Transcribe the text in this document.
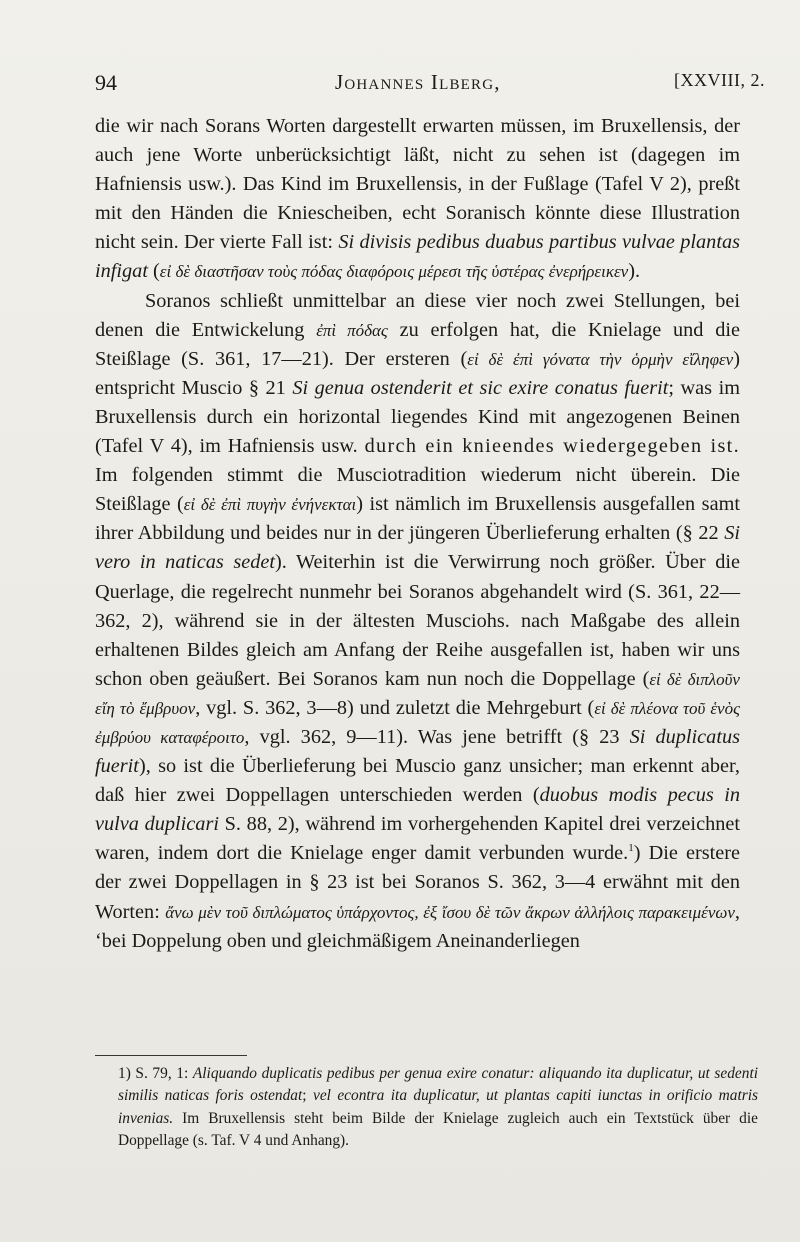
94	Johannes Ilberg,	[XXVIII, 2.

die wir nach Sorans Worten dargestellt erwarten müssen, im Bruxellensis, der auch jene Worte unberücksichtigt läßt, nicht zu sehen ist (dagegen im Hafniensis usw.). Das Kind im Bruxellensis, in der Fußlage (Tafel V 2), preßt mit den Händen die Kniescheiben, echt Soranisch könnte diese Illustration nicht sein. Der vierte Fall ist: Si divisis pedibus duabus partibus vulvae plantas infigat (εἰ δὲ διαστῆσαν τοὺς πόδας διαφόροις μέρεσι τῆς ὑστέρας ἐνερήρεικεν).

Soranos schließt unmittelbar an diese vier noch zwei Stellungen, bei denen die Entwickelung ἐπὶ πόδας zu erfolgen hat, die Knielage und die Steißlage (S. 361, 17—21). Der ersteren (εἰ δὲ ἐπὶ γόνατα τὴν ὁρμὴν εἴληφεν) entspricht Muscio § 21 Si genua ostenderit et sic exire conatus fuerit; was im Bruxellensis durch ein horizontal liegendes Kind mit angezogenen Beinen (Tafel V 4), im Hafniensis usw. durch ein knieendes wiedergegeben ist. Im folgenden stimmt die Musciotradition wiederum nicht überein. Die Steißlage (εἰ δὲ ἐπὶ πυγὴν ἐνήνεκται) ist nämlich im Bruxellensis ausgefallen samt ihrer Abbildung und beides nur in der jüngeren Überlieferung erhalten (§ 22 Si vero in naticas sedet). Weiterhin ist die Verwirrung noch größer. Über die Querlage, die regelrecht nunmehr bei Soranos abgehandelt wird (S. 361, 22—362, 2), während sie in der ältesten Musciohs. nach Maßgabe des allein erhaltenen Bildes gleich am Anfang der Reihe ausgefallen ist, haben wir uns schon oben geäußert. Bei Soranos kam nun noch die Doppellage (εἰ δὲ διπλοῦν εἴη τὸ ἔμβρυον, vgl. S. 362, 3—8) und zuletzt die Mehrgeburt (εἰ δὲ πλέονα τοῦ ἑνὸς ἐμβρύου καταφέροιτο, vgl. 362, 9—11). Was jene betrifft (§ 23 Si duplicatus fuerit), so ist die Überlieferung bei Muscio ganz unsicher; man erkennt aber, daß hier zwei Doppellagen unterschieden werden (duobus modis pecus in vulva duplicari S. 88, 2), während im vorhergehenden Kapitel drei verzeichnet waren, indem dort die Knielage enger damit verbunden wurde.$^1$) Die erstere der zwei Doppellagen in § 23 ist bei Soranos S. 362, 3—4 erwähnt mit den Worten: ἄνω μὲν τοῦ διπλώματος ὑπάρχοντος, ἐξ ἴσου δὲ τῶν ἄκρων ἀλλήλοις παρακειμένων, ‘bei Doppelung oben und gleichmäßigem Aneinanderliegen

1) S. 79, 1: Aliquando duplicatis pedibus per genua exire conatur: aliquando ita duplicatur, ut sedenti similis naticas foris ostendat; vel econtra ita duplicatur, ut plantas capiti iunctas in orificio matris invenias. Im Bruxellensis steht beim Bilde der Knielage zugleich auch ein Textstück über die Doppellage (s. Taf. V 4 und Anhang).
